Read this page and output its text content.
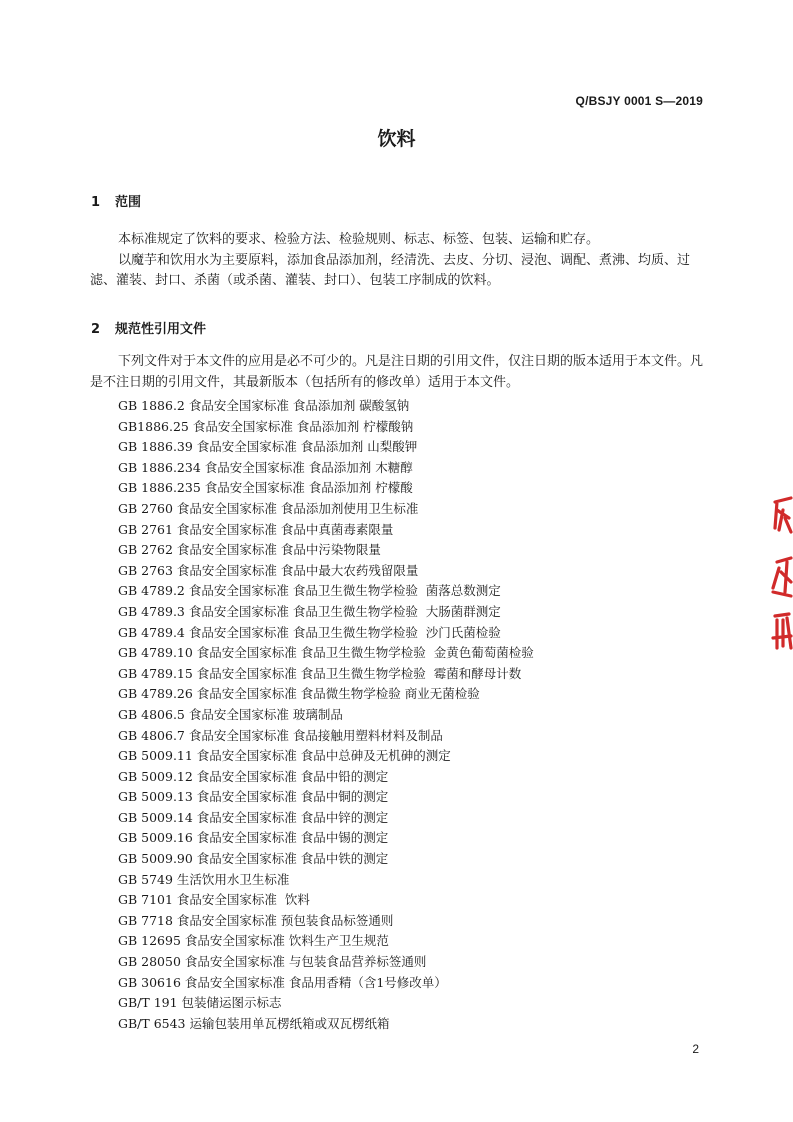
Q/BSJY 0001 S—2019
饮料
1 范围

本标准规定了饮料的要求、检验方法、检验规则、标志、标签、包装、运输和贮存。

以魔芋和饮用水为主要原料，添加食品添加剂，经清洗、去皮、分切、浸泡、调配、煮沸、均质、过滤、灌装、封口、杀菌（或杀菌、灌装、封口）、包装工序制成的饮料。

2 规范性引用文件

下列文件对于本文件的应用是必不可少的。凡是注日期的引用文件，仅注日期的版本适用于本文件。凡是不注日期的引用文件，其最新版本（包括所有的修改单）适用于本文件。

GB 1886.2 食品安全国家标准 食品添加剂 碳酸氢钠
GB1886.25 食品安全国家标准 食品添加剂 柠檬酸钠
GB 1886.39 食品安全国家标准 食品添加剂 山梨酸钾
GB 1886.234 食品安全国家标准 食品添加剂 木糖醇
GB 1886.235 食品安全国家标准 食品添加剂 柠檬酸
GB 2760 食品安全国家标准 食品添加剂使用卫生标准
GB 2761 食品安全国家标准 食品中真菌毒素限量
GB 2762 食品安全国家标准 食品中污染物限量
GB 2763 食品安全国家标准 食品中最大农药残留限量
GB 4789.2 食品安全国家标准 食品卫生微生物学检验  菌落总数测定
GB 4789.3 食品安全国家标准 食品卫生微生物学检验  大肠菌群测定
GB 4789.4 食品安全国家标准 食品卫生微生物学检验  沙门氏菌检验
GB 4789.10 食品安全国家标准 食品卫生微生物学检验  金黄色葡萄菌检验
GB 4789.15 食品安全国家标准 食品卫生微生物学检验  霉菌和酵母计数
GB 4789.26 食品安全国家标准 食品微生物学检验 商业无菌检验
GB 4806.5 食品安全国家标准 玻璃制品
GB 4806.7 食品安全国家标准 食品接触用塑料材料及制品
GB 5009.11 食品安全国家标准 食品中总砷及无机砷的测定
GB 5009.12 食品安全国家标准 食品中铅的测定
GB 5009.13 食品安全国家标准 食品中铜的测定
GB 5009.14 食品安全国家标准 食品中锌的测定
GB 5009.16 食品安全国家标准 食品中锡的测定
GB 5009.90 食品安全国家标准 食品中铁的测定
GB 5749 生活饮用水卫生标准
GB 7101 食品安全国家标准  饮料
GB 7718 食品安全国家标准 预包装食品标签通则
GB 12695 食品安全国家标准 饮料生产卫生规范
GB 28050 食品安全国家标准 与包装食品营养标签通则
GB 30616 食品安全国家标准 食品用香精（含1号修改单）
GB/T 191 包装储运图示标志
GB/T 6543 运输包装用单瓦楞纸箱或双瓦楞纸箱
2
